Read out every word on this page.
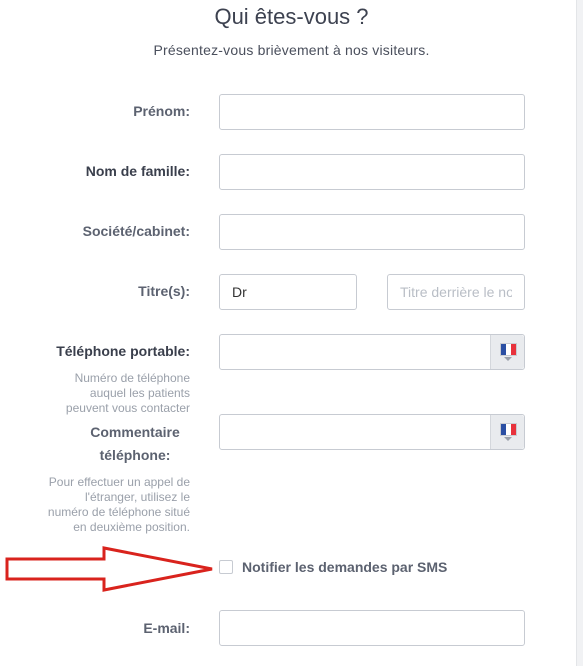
Qui êtes-vous ?
Présentez-vous brièvement à nos visiteurs.
Prénom:
Nom de famille:
Société/cabinet:
Titre(s):
Dr
Titre derrière le nom
Téléphone portable:
Numéro de téléphone auquel les patients peuvent vous contacter
Commentaire téléphone:
Pour effectuer un appel de l'étranger, utilisez le numéro de téléphone situé en deuxième position.
Notifier les demandes par SMS
E-mail:
